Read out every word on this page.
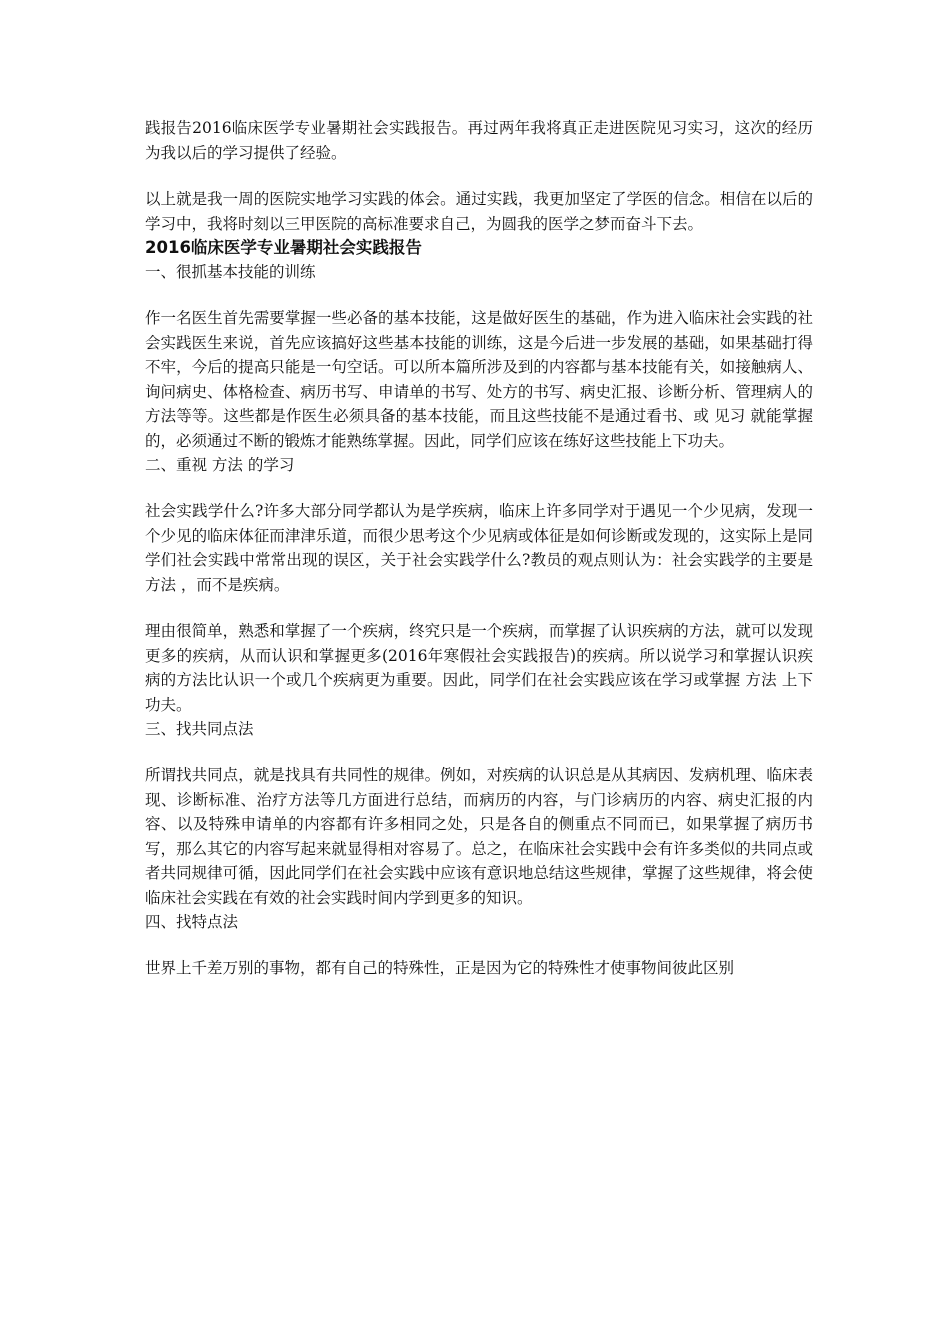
践报告2016临床医学专业暑期社会实践报告。再过两年我将真正走进医院见习实习，这次的经历为我以后的学习提供了经验。

以上就是我一周的医院实地学习实践的体会。通过实践，我更加坚定了学医的信念。相信在以后的学习中，我将时刻以三甲医院的高标准要求自己，为圆我的医学之梦而奋斗下去。

2016临床医学专业暑期社会实践报告

一、很抓基本技能的训练

作一名医生首先需要掌握一些必备的基本技能，这是做好医生的基础，作为进入临床社会实践的社会实践医生来说，首先应该搞好这些基本技能的训练，这是今后进一步发展的基础，如果基础打得不牢，今后的提高只能是一句空话。可以所本篇所涉及到的内容都与基本技能有关，如接触病人、询问病史、体格检查、病历书写、申请单的书写、处方的书写、病史汇报、诊断分析、管理病人的方法等等。这些都是作医生必须具备的基本技能，而且这些技能不是通过看书、或 见习 就能掌握的，必须通过不断的锻炼才能熟练掌握。因此，同学们应该在练好这些技能上下功夫。

二、重视 方法 的学习

社会实践学什么?许多大部分同学都认为是学疾病，临床上许多同学对于遇见一个少见病，发现一个少见的临床体征而津津乐道，而很少思考这个少见病或体征是如何诊断或发现的，这实际上是同学们社会实践中常常出现的误区，关于社会实践学什么?教员的观点则认为：社会实践学的主要是 方法 ，而不是疾病。

理由很简单，熟悉和掌握了一个疾病，终究只是一个疾病，而掌握了认识疾病的方法，就可以发现更多的疾病，从而认识和掌握更多(2016年寒假社会实践报告)的疾病。所以说学习和掌握认识疾病的方法比认识一个或几个疾病更为重要。因此，同学们在社会实践应该在学习或掌握 方法 上下功夫。

三、找共同点法

所谓找共同点，就是找具有共同性的规律。例如，对疾病的认识总是从其病因、发病机理、临床表现、诊断标准、治疗方法等几方面进行总结，而病历的内容，与门诊病历的内容、病史汇报的内容、以及特殊申请单的内容都有许多相同之处，只是各自的侧重点不同而已，如果掌握了病历书写，那么其它的内容写起来就显得相对容易了。总之，在临床社会实践中会有许多类似的共同点或者共同规律可循，因此同学们在社会实践中应该有意识地总结这些规律，掌握了这些规律，将会使临床社会实践在有效的社会实践时间内学到更多的知识。

四、找特点法

世界上千差万别的事物，都有自己的特殊性，正是因为它的特殊性才使事物间彼此区别
